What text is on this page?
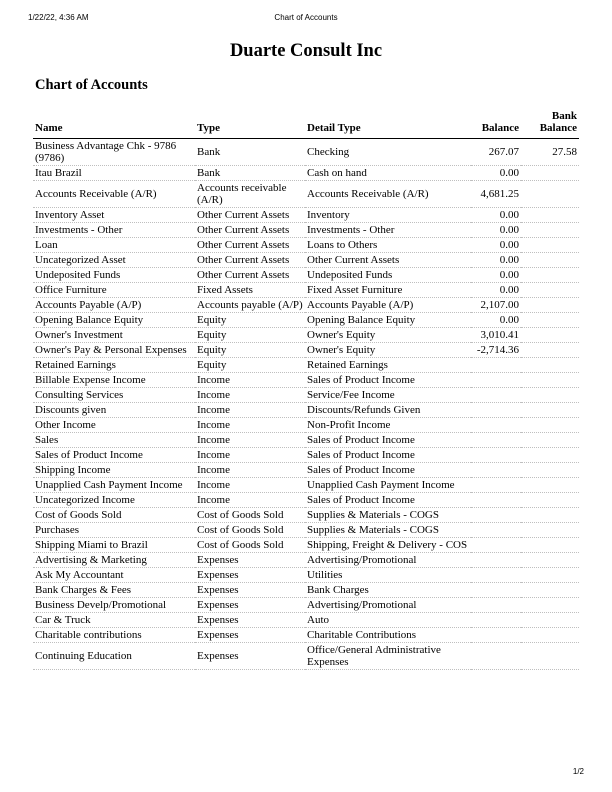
1/22/22, 4:36 AM	Chart of Accounts
Duarte Consult Inc
Chart of Accounts
Name	Type	Detail Type	Balance	Bank Balance
Business Advantage Chk - 9786 (9786)	Bank	Checking	267.07	27.58
Itau Brazil	Bank	Cash on hand	0.00	
Accounts Receivable (A/R)	Accounts receivable (A/R)	Accounts Receivable (A/R)	4,681.25	
Inventory Asset	Other Current Assets	Inventory	0.00	
Investments - Other	Other Current Assets	Investments - Other	0.00	
Loan	Other Current Assets	Loans to Others	0.00	
Uncategorized Asset	Other Current Assets	Other Current Assets	0.00	
Undeposited Funds	Other Current Assets	Undeposited Funds	0.00	
Office Furniture	Fixed Assets	Fixed Asset Furniture	0.00	
Accounts Payable (A/P)	Accounts payable (A/P)	Accounts Payable (A/P)	2,107.00	
Opening Balance Equity	Equity	Opening Balance Equity	0.00	
Owner's Investment	Equity	Owner's Equity	3,010.41	
Owner's Pay & Personal Expenses	Equity	Owner's Equity	-2,714.36	
Retained Earnings	Equity	Retained Earnings		
Billable Expense Income	Income	Sales of Product Income		
Consulting Services	Income	Service/Fee Income		
Discounts given	Income	Discounts/Refunds Given		
Other Income	Income	Non-Profit Income		
Sales	Income	Sales of Product Income		
Sales of Product Income	Income	Sales of Product Income		
Shipping Income	Income	Sales of Product Income		
Unapplied Cash Payment Income	Income	Unapplied Cash Payment Income		
Uncategorized Income	Income	Sales of Product Income		
Cost of Goods Sold	Cost of Goods Sold	Supplies & Materials - COGS		
Purchases	Cost of Goods Sold	Supplies & Materials - COGS		
Shipping Miami to Brazil	Cost of Goods Sold	Shipping, Freight & Delivery - COS		
Advertising & Marketing	Expenses	Advertising/Promotional		
Ask My Accountant	Expenses	Utilities		
Bank Charges & Fees	Expenses	Bank Charges		
Business Develp/Promotional	Expenses	Advertising/Promotional		
Car & Truck	Expenses	Auto		
Charitable contributions	Expenses	Charitable Contributions		
Continuing Education	Expenses	Office/General Administrative Expenses		
1/2
